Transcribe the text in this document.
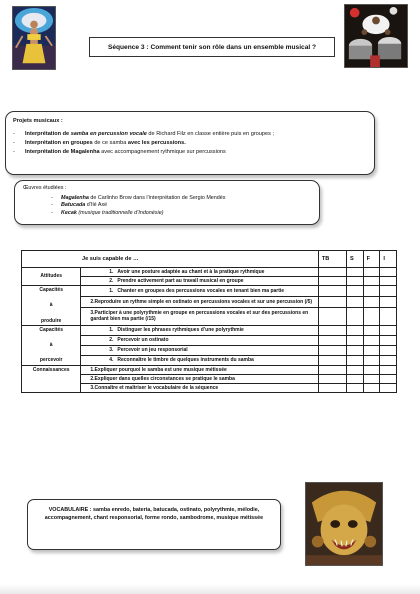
Séquence 3 : Comment tenir son rôle dans un ensemble musical ?
Projets musicaux :
- Interprétation de samba en percussion vocale de Richard Filz en classe entière puis en groupes ;
- Interprétation en groupes de ce samba avec les percussions.
- Interprétation de Magalenha avec accompagnement rythmique sur percussions
Œuvres étudiées :
- Magalenha de Carlinho Brow dans l’interprétation de Sergio Mendès
- Batucada d’Ilé Axé
- Kecak (musique traditionnelle d’Indonésie)
Je suis capable de …		TB	S	F	I
Attitudes	1. Avoir une posture adaptée au chant et à la pratique rythmique				
	2. Prendre activement part au travail musical en groupe				

Capacités
à
produire	1. Chanter en groupes des percussions vocales en tenant bien ma partie				
	2.Reproduire un rythme simple en ostinato en percussions vocales et sur une percussion (/5)				
	3.Participer à une polyrythmie en groupe en percussions vocales et sur des percussions en gardant bien ma partie (/15)				

Capacités
à
percevoir	1. Distinguer les phrases rythmiques d’une polyrythmie				
	2. Percevoir un ostinato				
	3. Percevoir un jeu responsorial				
	4. Reconnaître le timbre de quelques instruments du samba				
Connaissances	1.Expliquer pourquoi le samba est une musique métissée				
	2.Expliquer dans quelles circonstances se pratique le samba				
	3.Connaître et maîtriser le vocabulaire de la séquence				
VOCABULAIRE : samba enredo, bateria, batucada, ostinato, polyrythmie, mélodie, accompagnement, chant responsorial, forme rondo, sambodrome, musique métissée
